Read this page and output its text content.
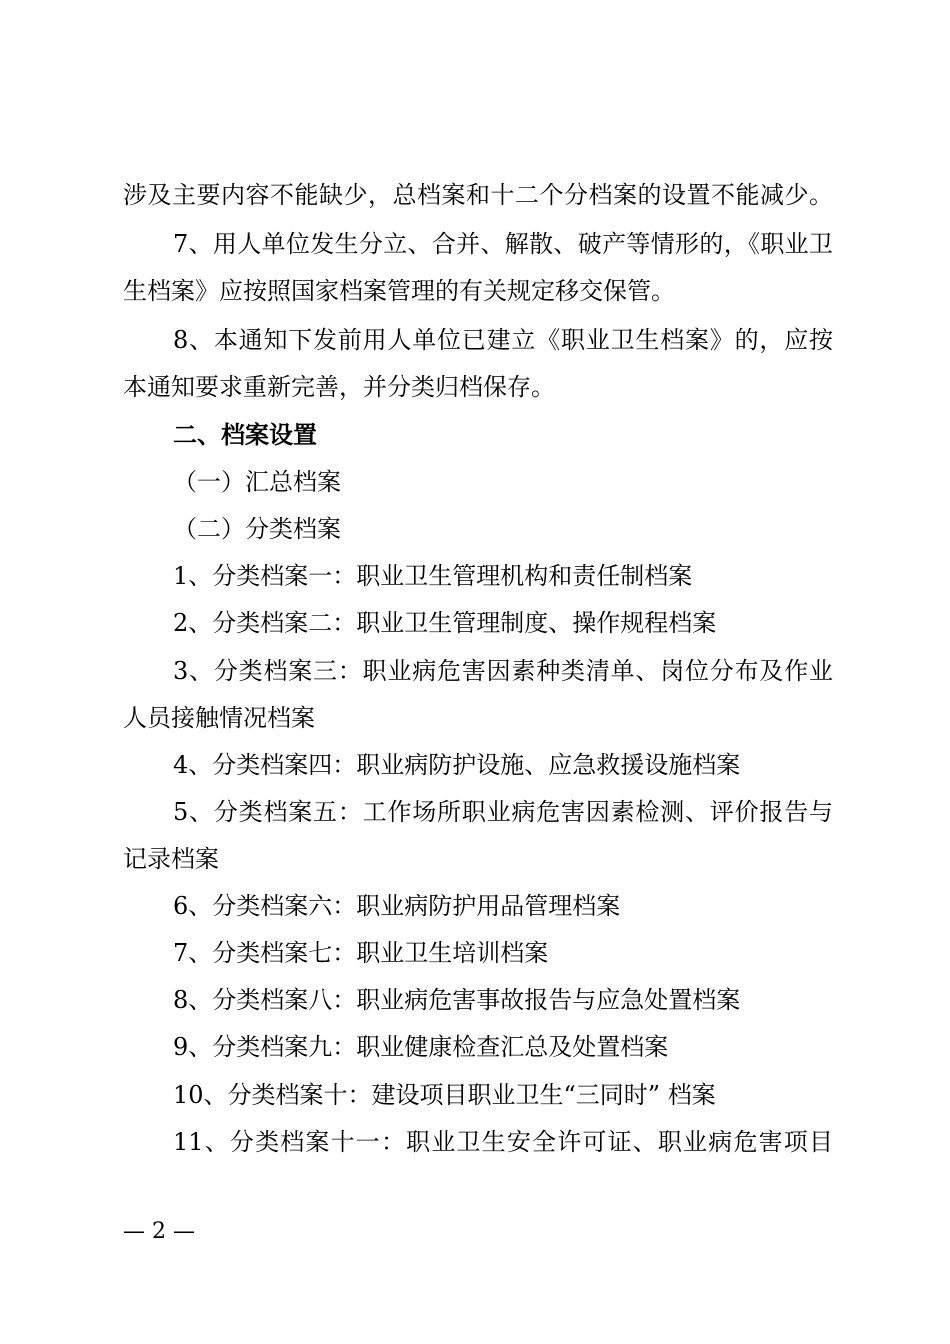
涉及主要内容不能缺少，总档案和十二个分档案的设置不能减少。
7、用人单位发生分立、合并、解散、破产等情形的，《职业卫
生档案》应按照国家档案管理的有关规定移交保管。
8、本通知下发前用人单位已建立《职业卫生档案》的，应按
本通知要求重新完善，并分类归档保存。
二、档案设置
（一）汇总档案
（二）分类档案
1、分类档案一：职业卫生管理机构和责任制档案
2、分类档案二：职业卫生管理制度、操作规程档案
3、分类档案三：职业病危害因素种类清单、岗位分布及作业
人员接触情况档案
4、分类档案四：职业病防护设施、应急救援设施档案
5、分类档案五：工作场所职业病危害因素检测、评价报告与
记录档案
6、分类档案六：职业病防护用品管理档案
7、分类档案七：职业卫生培训档案
8、分类档案八：职业病危害事故报告与应急处置档案
9、分类档案九：职业健康检查汇总及处置档案
10、分类档案十：建设项目职业卫生“三同时” 档案
11、分类档案十一：职业卫生安全许可证、职业病危害项目
— 2 —
